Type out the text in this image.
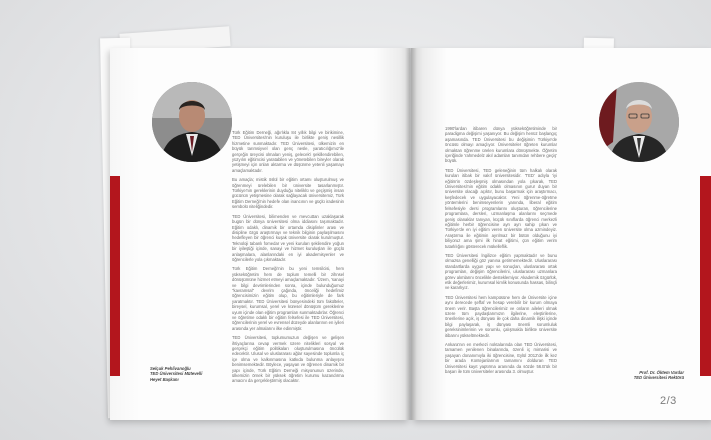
Türk Eğitim Derneği, ağırlıkla 84 yıllık bilgi ve birikimine, TED Üniversitesi'nin kuruluşu ile birlikte geniş nesillik hizmetine sunmaktadır. TED Üniversitesi, ülkemizin en büyük tarımsiyvel olan genç nesle, yaratıcılığımız'ile gerçeğin üreycisi olmaları yeniş, gelecek'i şekillendirebilen, yüzyılın eğitimcisi yaratabilen ve yönetebilen bireyler olarak yetişmeyi için onları aktarma ve düşünme yetenli yaşamayı amaçlamaktadır.

Bu amaçla; mistik öslül bir eğitim ortamı oluşturulmuş ve öğrenmeyi ürelebilen bir üniversite tasarlanmıştır. Türkiye'nin gereklerinin duyduğu niteliklü ve geçişmiş insan gücünün yetişmesine olarak sağlayacak üniversitemiz, Türk Eğitim Derneği'nin hedefe olan inancının ve güçlü iradesinin sembolü niteliğindedir.

TED Üniversitesi, bilimenden ve mevcuttan uzaklaşarak bugün bir dünya üniversitesi olma iddiasını taşımaktadır. Eğitim odaklı, dinamik bir ortamda disiplinler arası ve disipline özgü araştırmayı ve teknik bilginin paylaşılmasını hedefleyen bir öğrenci kuşak üniversite olarak kurulmuştur. Teknoloji tabanlı fomedar ve yeni kuruları şekilendire yoğun bir iyileştiği içinde, sanayi ve hizmet kuruluşları ile güçlü anlaşmalara, alanlarındaki en iyi akademisyenler ve öğrencilerle yola çıkmaktadır.

Türk Eğitim Derneği'nin bu yeni temsilcisi, hem yükseköğretim hem de toplum temelli bir zihnsel dönüşümüne hizmet etmeyi amaçlamaktadır. 'Üzem, 'sanayi ve bilgi devrimlerinden sonra, içinde bulunduğumuz "kavramsal" devrim çağında, önceliği hedefimiz öğrencisimizin eğitim olup, bu eğitimleriyle de fark yaratmaktır. TED Üniversitesi bünyesindeki tüm fakülteler, bireysel, kurumsal, yerel ve küresel dönüşüm gereklerine uyum içinde olan eğitim programları sunmaktadırlar. Öğrenci ve öğretime odaklı bir eğitim felsefesi ile TED Üniversitesi, öğrencilerinin yerel ve evrensel düzeyde alanlarının en iyileri arasında yer almalarını ilke edinmiştir.

TED Üniversitesi, toplumumuzun değişen ve gelişen ihtiyaçlarına cevap vermek üzere nitelikleri sosyal ve gerçekçi eğitim politikaları oluşturulmasına öncülük edecektir. Ulusal ve uluslararası ağlar sayesinde toplumla iç içe olma ve kalkınmasına katkıda bulunma anlayışını benimsemektedir. Böylece, yaşayan ve öğrenen dinamik bir yapı içinde, Türk Eğitim Derneği misyonunun üzerinde, ülkemizin örnek bir yüksek öğretim kurumu kazandırma amacını da gerçekleştirmiş olacaktır.

Selçuk Pehlivanoğlu
TED Üniversitesi Mütevelli
Heyet Başkanı

1990'lardan itibaren dünya yükseköğretiminde bir paradigma değişimi yaşanıyor. Bu değişim henüz başlangıç aşamasında. TED Üniversitesi bu değişimin Türkiye'de öncüsü olmayı amaçlıyor. Üniversiteler öğreten kurumlar olmaktan öğrenme ürelen kurumlara dönüşmekte. Öğretim içeriğinde 'rahmedelz akıl adamları tanımdan rehbere geçiş' büyük.

TED Üniversitesi, TED geleneğinin tüm halkalı olarak kuruları itibak bir vakıf üniversitesidir. 'TED' adıyla 'iyi eğitim'in özdeşleşmiş olmasından yola çıkarak, TED Üniversitesi'nin eğitim odaklı olmasının gurur duyan bir üniversite olacağı açıktır, bunu başarmak için araştırmacı, keşfedecek ve uygulayacaktır. Yeni öğrenme-öğretme yöntemlerini benimseyenlerin yanında, liberal eğitim felsefesiyle dersi programlarını oluşturan, öğrencilerine programlara, dersleri, uzmanlaşma alanlarını seçmede geniş olanaklar tanıyan, küçük sınıflarda öğrenci merkezli eğitimle herbir öğrencisine ayrı ayrı sahip çıkan ve Türkiye'de en iyi eğitim veren üniversite olma azmindeyiz. Araştırma ile eğitimin ayrılmaz bir bütün olduğunu iyi biliyoruz ama şimi ilk hinat eğitimi, çün eğitim verim tutarlılığını gösterecek mükelleflik.

TED Üniversitesi İngilizce eğitim yapmaktadır ve bunu olmazsa genelliği göz yanına getirmemektedir. Uluslararası standartlarda uygun yapı ve sonuçları, uluslararası ortak programları, değişim öğrencilerini, uluslararası uzmanlara görev alımlarını öncelikle desteklemiyor. Akademik özgürlük, etik değerlerimiz, kurumsal kimlik konusunda hassas, bilinçli ve kararlıyız.

TED Üniversitesi hem kampüsüne hem de Üniversite içine aynı derecede şeffaf ve hesap verebilir bir kurum olmaya önem verir. Başta öğrencilerimiz ve onların aileleri olmak üzere tüm paydaşlarımızın ilgilerine, eleştirilerine, önerilerine açık, iş dünyası ile çok daha dinamik ilişki içinde bilgi paylaşarak, iş dünyası önemli sorumluluk gereksinimlerinin ve sorumlu, çalışmakla birlikte üniversite itibarını yükseltmektedir.

Ankara'nın en merkezi noktalarında olan TED Üniversitesi, tamamen yenilenen binalarında, özenli iç mimarisi ve yaşayan donanımıyla iki öğrencisine, Eylül 2012'de ilk kez bir arada Kontejanlarının tamamını dolduran TED Üniversitesi kayıt yaptırma aranında da sözde 56.B'ük bir başarı ile tüm üniversiteler arasında 3. olmuştur.	Prof. Dr. Öktem Vardar
TED Üniversitesi Rektörü
2/3
